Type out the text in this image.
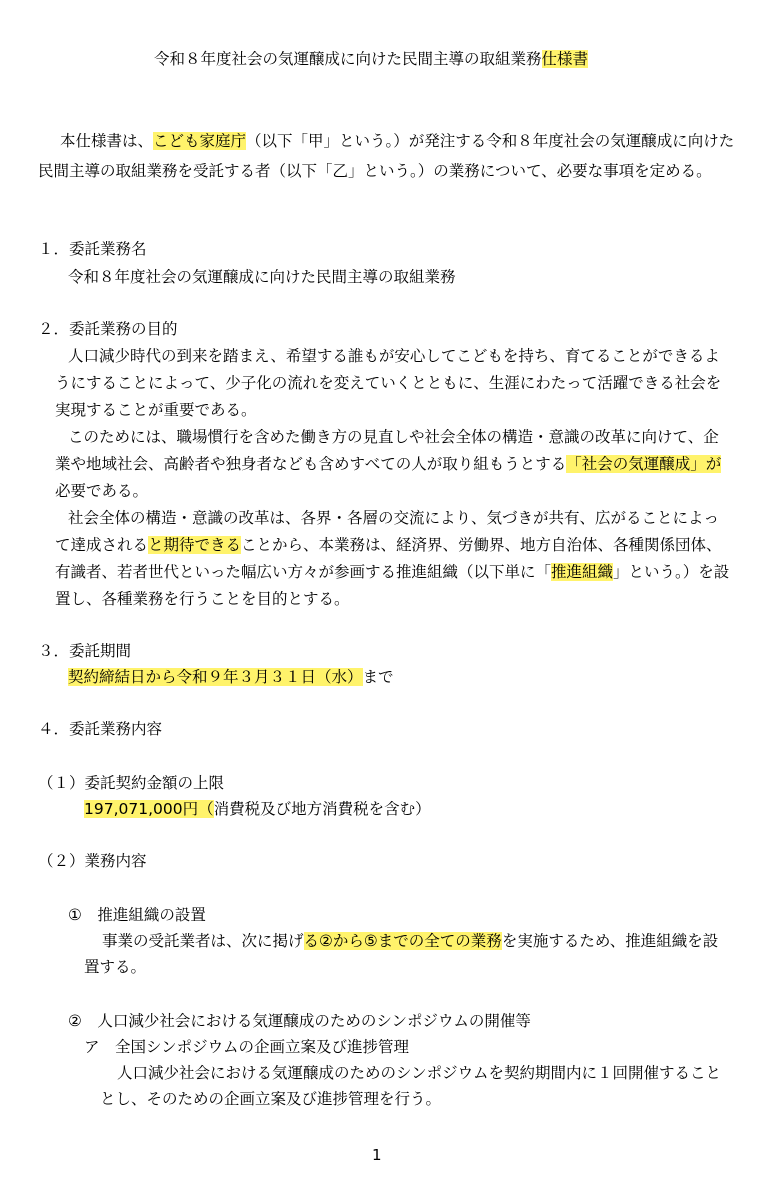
令和８年度社会の気運醸成に向けた民間主導の取組業務仕様書
本仕様書は、こども家庭庁（以下「甲」という。）が発注する令和８年度社会の気運醸成に向けた
民間主導の取組業務を受託する者（以下「乙」という。）の業務について、必要な事項を定める。
１．委託業務名
令和８年度社会の気運醸成に向けた民間主導の取組業務
２．委託業務の目的
人口減少時代の到来を踏まえ、希望する誰もが安心してこどもを持ち、育てることができるよ
うにすることによって、少子化の流れを変えていくとともに、生涯にわたって活躍できる社会を
実現することが重要である。
このためには、職場慣行を含めた働き方の見直しや社会全体の構造・意識の改革に向けて、企
業や地域社会、高齢者や独身者なども含めすべての人が取り組もうとする「社会の気運醸成」が
必要である。
社会全体の構造・意識の改革は、各界・各層の交流により、気づきが共有、広がることによっ
て達成されると期待できることから、本業務は、経済界、労働界、地方自治体、各種関係団体、
有識者、若者世代といった幅広い方々が参画する推進組織（以下単に「推進組織」という。）を設
置し、各種業務を行うことを目的とする。
３．委託期間
契約締結日から令和９年３月３１日（水）まで
４．委託業務内容
（１）委託契約金額の上限
197,071,000円（消費税及び地方消費税を含む）
（２）業務内容
①　推進組織の設置
事業の受託業者は、次に掲げる②から⑤までの全ての業務を実施するため、推進組織を設
置する。
②　人口減少社会における気運醸成のためのシンポジウムの開催等
ア　全国シンポジウムの企画立案及び進捗管理
人口減少社会における気運醸成のためのシンポジウムを契約期間内に１回開催すること
とし、そのための企画立案及び進捗管理を行う。
1
